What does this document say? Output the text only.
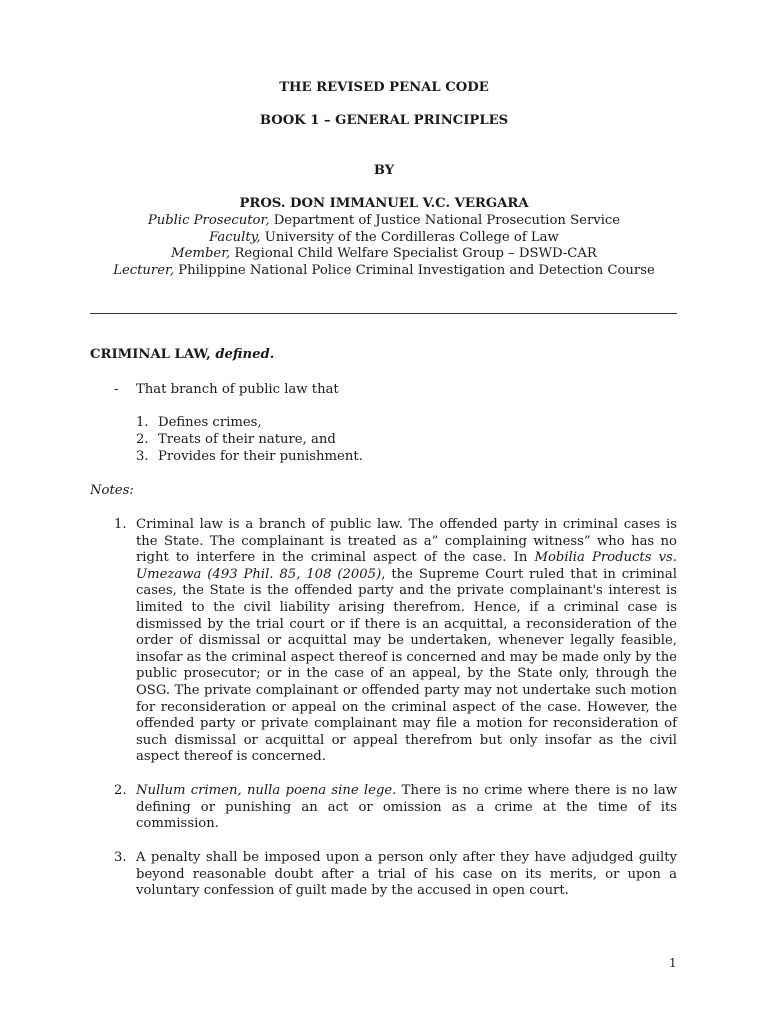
THE REVISED PENAL CODE
BOOK 1 – GENERAL PRINCIPLES
BY
PROS. DON IMMANUEL V.C. VERGARA
Public Prosecutor, Department of Justice National Prosecution Service
Faculty, University of the Cordilleras College of Law
Member, Regional Child Welfare Specialist Group – DSWD-CAR
Lecturer, Philippine National Police Criminal Investigation and Detection Course
CRIMINAL LAW, defined.
- That branch of public law that
1. Defines crimes,
2. Treats of their nature, and
3. Provides for their punishment.
Notes:
1. Criminal law is a branch of public law. The offended party in criminal cases is the State. The complainant is treated as a” complaining witness” who has no right to interfere in the criminal aspect of the case. In Mobilia Products vs. Umezawa (493 Phil. 85, 108 (2005), the Supreme Court ruled that in criminal cases, the State is the offended party and the private complainant's interest is limited to the civil liability arising therefrom. Hence, if a criminal case is dismissed by the trial court or if there is an acquittal, a reconsideration of the order of dismissal or acquittal may be undertaken, whenever legally feasible, insofar as the criminal aspect thereof is concerned and may be made only by the public prosecutor; or in the case of an appeal, by the State only, through the OSG. The private complainant or offended party may not undertake such motion for reconsideration or appeal on the criminal aspect of the case. However, the offended party or private complainant may file a motion for reconsideration of such dismissal or acquittal or appeal therefrom but only insofar as the civil aspect thereof is concerned.
2. Nullum crimen, nulla poena sine lege. There is no crime where there is no law defining or punishing an act or omission as a crime at the time of its commission.
3. A penalty shall be imposed upon a person only after they have adjudged guilty beyond reasonable doubt after a trial of his case on its merits, or upon a voluntary confession of guilt made by the accused in open court.
1
